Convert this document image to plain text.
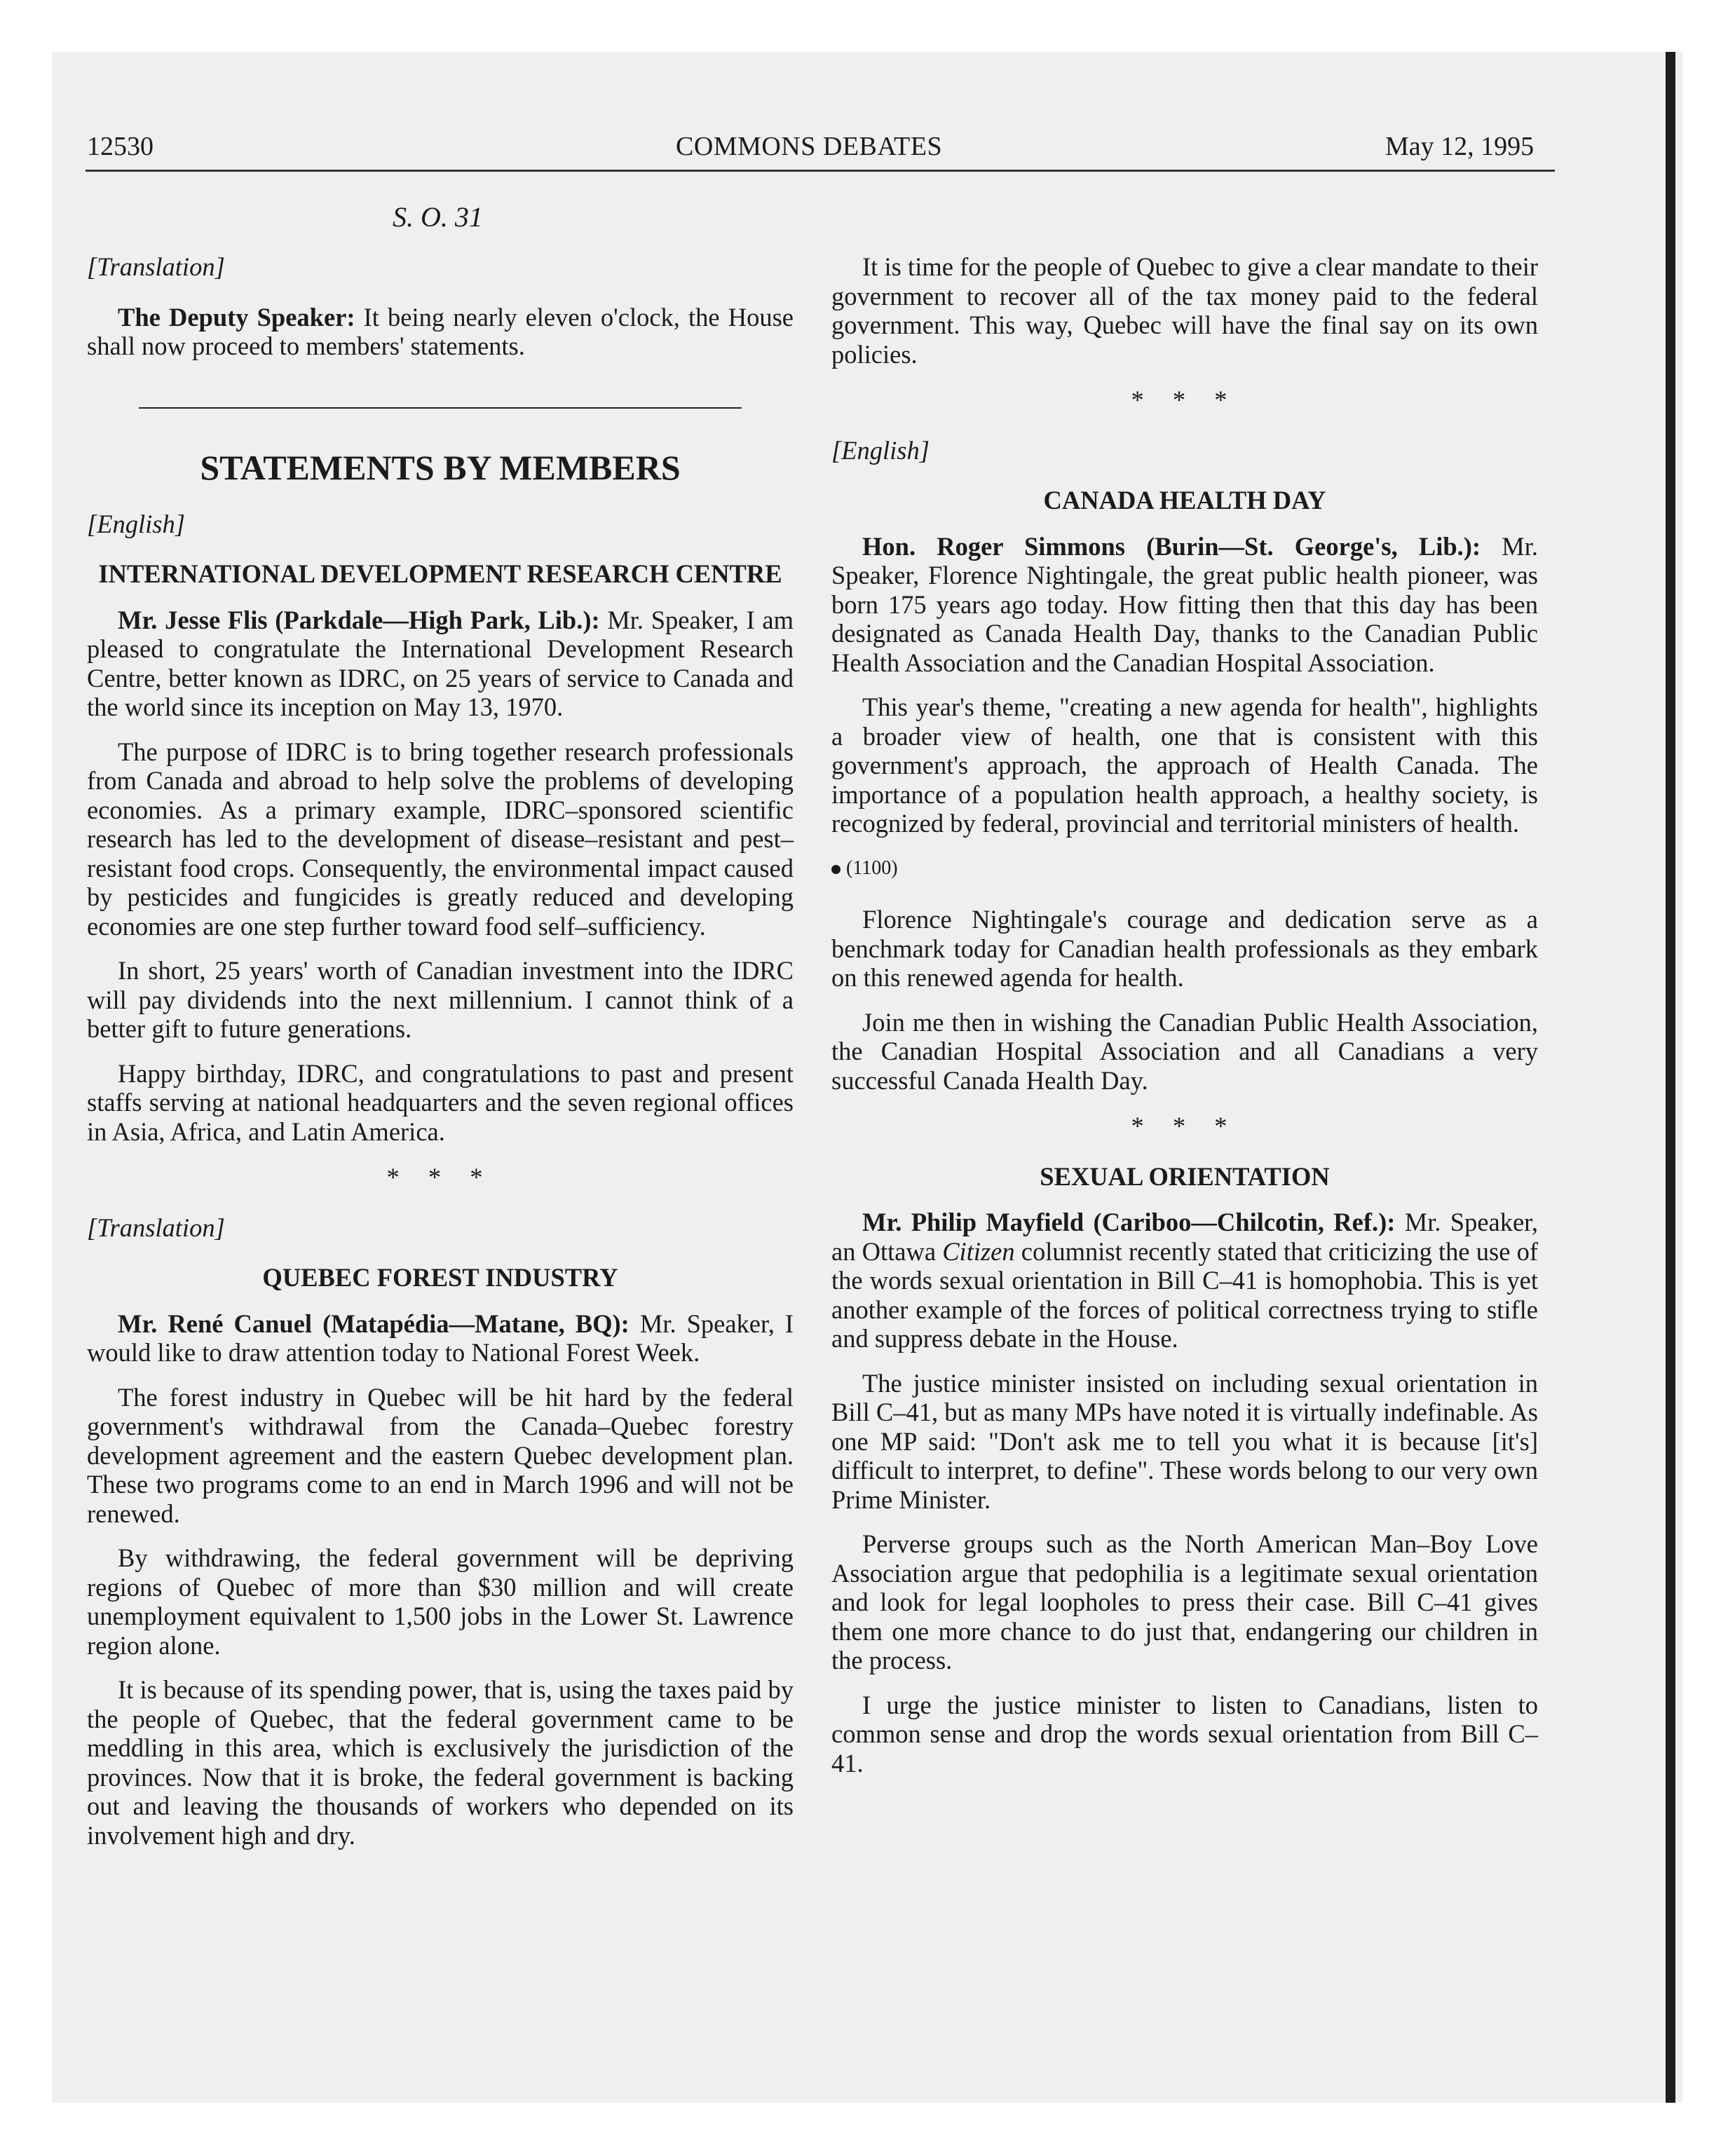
12530	COMMONS DEBATES	May 12, 1995
S. O. 31

[Translation]

The Deputy Speaker: It being nearly eleven o'clock, the House shall now proceed to members' statements.

STATEMENTS BY MEMBERS

[English]

INTERNATIONAL DEVELOPMENT RESEARCH CENTRE

Mr. Jesse Flis (Parkdale—High Park, Lib.): Mr. Speaker, I am pleased to congratulate the International Development Research Centre, better known as IDRC, on 25 years of service to Canada and the world since its inception on May 13, 1970.

The purpose of IDRC is to bring together research professionals from Canada and abroad to help solve the problems of developing economies. As a primary example, IDRC–sponsored scientific research has led to the development of disease–resistant and pest–resistant food crops. Consequently, the environmental impact caused by pesticides and fungicides is greatly reduced and developing economies are one step further toward food self–sufficiency.

In short, 25 years' worth of Canadian investment into the IDRC will pay dividends into the next millennium. I cannot think of a better gift to future generations.

Happy birthday, IDRC, and congratulations to past and present staffs serving at national headquarters and the seven regional offices in Asia, Africa, and Latin America.

* * *

[Translation]

QUEBEC FOREST INDUSTRY

Mr. René Canuel (Matapédia—Matane, BQ): Mr. Speaker, I would like to draw attention today to National Forest Week.

The forest industry in Quebec will be hit hard by the federal government's withdrawal from the Canada–Quebec forestry development agreement and the eastern Quebec development plan. These two programs come to an end in March 1996 and will not be renewed.

By withdrawing, the federal government will be depriving regions of Quebec of more than $30 million and will create unemployment equivalent to 1,500 jobs in the Lower St. Lawrence region alone.

It is because of its spending power, that is, using the taxes paid by the people of Quebec, that the federal government came to be meddling in this area, which is exclusively the jurisdiction of the provinces. Now that it is broke, the federal government is backing out and leaving the thousands of workers who depended on its involvement high and dry.

It is time for the people of Quebec to give a clear mandate to their government to recover all of the tax money paid to the federal government. This way, Quebec will have the final say on its own policies.

* * *

[English]

CANADA HEALTH DAY

Hon. Roger Simmons (Burin—St. George's, Lib.): Mr. Speaker, Florence Nightingale, the great public health pioneer, was born 175 years ago today. How fitting then that this day has been designated as Canada Health Day, thanks to the Canadian Public Health Association and the Canadian Hospital Association.

This year's theme, "creating a new agenda for health", highlights a broader view of health, one that is consistent with this government's approach, the approach of Health Canada. The importance of a population health approach, a healthy society, is recognized by federal, provincial and territorial ministers of health.

(1100)

Florence Nightingale's courage and dedication serve as a benchmark today for Canadian health professionals as they embark on this renewed agenda for health.

Join me then in wishing the Canadian Public Health Association, the Canadian Hospital Association and all Canadians a very successful Canada Health Day.

* * *
SEXUAL ORIENTATION

Mr. Philip Mayfield (Cariboo—Chilcotin, Ref.): Mr. Speaker, an Ottawa Citizen columnist recently stated that criticizing the use of the words sexual orientation in Bill C–41 is homophobia. This is yet another example of the forces of political correctness trying to stifle and suppress debate in the House.

The justice minister insisted on including sexual orientation in Bill C–41, but as many MPs have noted it is virtually indefinable. As one MP said: "Don't ask me to tell you what it is because [it's] difficult to interpret, to define". These words belong to our very own Prime Minister.

Perverse groups such as the North American Man–Boy Love Association argue that pedophilia is a legitimate sexual orientation and look for legal loopholes to press their case. Bill C–41 gives them one more chance to do just that, endangering our children in the process.

I urge the justice minister to listen to Canadians, listen to common sense and drop the words sexual orientation from Bill C–41.
